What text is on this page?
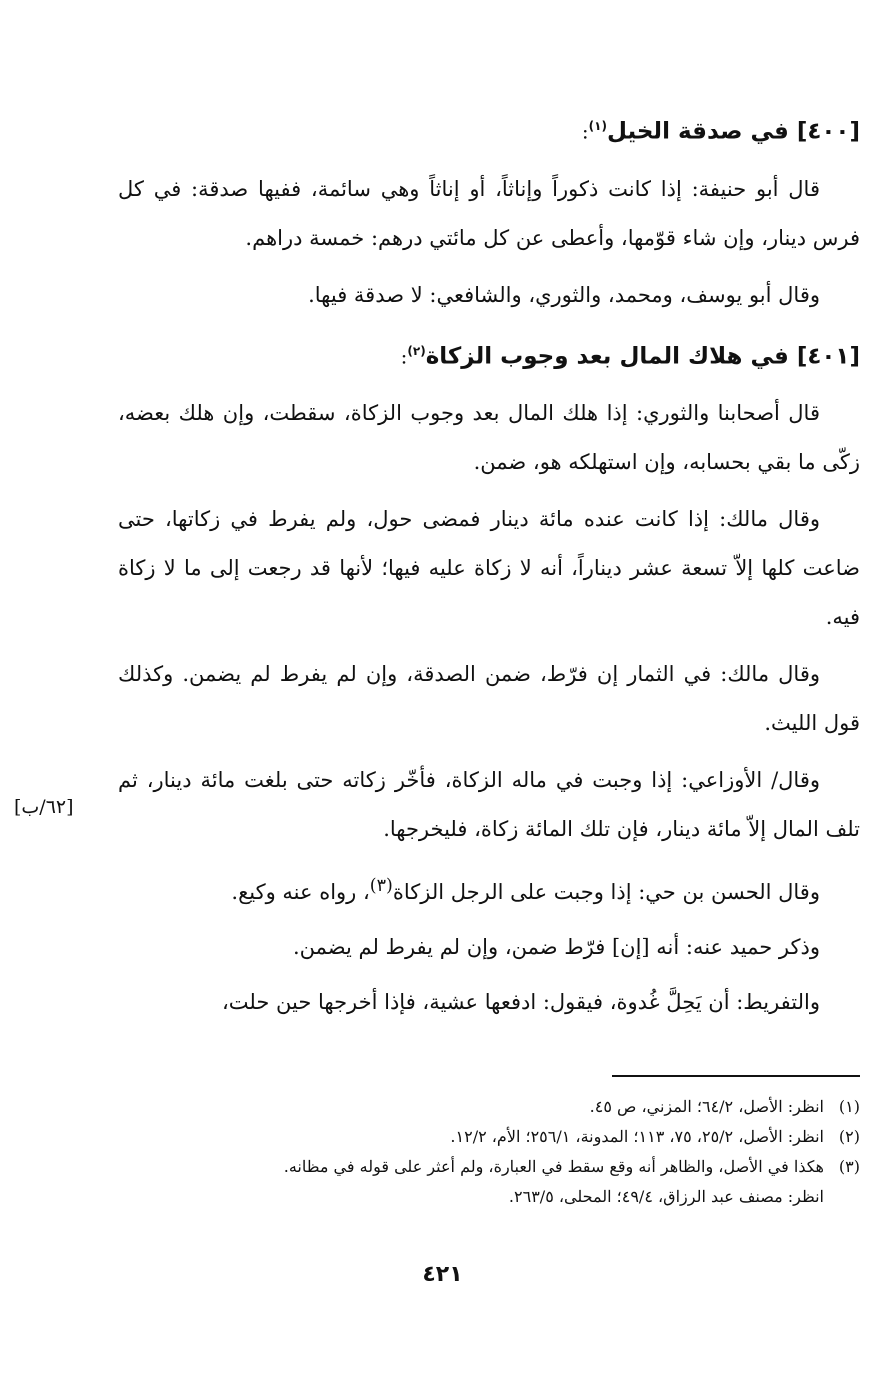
[٤٠٠] في صدقة الخيل$^{(١)}$:

قال أبو حنيفة: إذا كانت ذكوراً وإناثاً، أو إناثاً وهي سائمة، ففيها صدقة: في كل فرس دينار، وإن شاء قوّمها، وأعطى عن كل مائتي درهم: خمسة دراهم.

وقال أبو يوسف، ومحمد، والثوري، والشافعي: لا صدقة فيها.

[٤٠١] في هلاك المال بعد وجوب الزكاة$^{(٢)}$:

قال أصحابنا والثوري: إذا هلك المال بعد وجوب الزكاة، سقطت، وإن هلك بعضه، زكّى ما بقي بحسابه، وإن استهلكه هو، ضمن.

وقال مالك: إذا كانت عنده مائة دينار فمضى حول، ولم يفرط في زكاتها، حتى ضاعت كلها إلاّ تسعة عشر ديناراً، أنه لا زكاة عليه فيها؛ لأنها قد رجعت إلى ما لا زكاة فيه.

وقال مالك: في الثمار إن فرّط، ضمن الصدقة، وإن لم يفرط لم يضمن. وكذلك قول الليث.

وقال/ الأوزاعي: إذا وجبت في ماله الزكاة، فأخّر زكاته حتى بلغت مائة دينار، ثم تلف المال إلاّ مائة دينار، فإن تلك المائة زكاة، فليخرجها.

وقال الحسن بن حي: إذا وجبت على الرجل الزكاة$^{(٣)}$، رواه عنه وكيع.

وذكر حميد عنه: أنه [إن] فرّط ضمن، وإن لم يفرط لم يضمن.

والتفريط: أن يَحِلَّ غُدوة، فيقول: ادفعها عشية، فإذا أخرجها حين حلت،

[٦٢/ب]

(١)انظر: الأصل، ٦٤/٢؛ المزني، ص ٤٥.

(٢)انظر: الأصل، ٢٥/٢، ٧٥، ١١٣؛ المدونة، ٢٥٦/١؛ الأم، ١٢/٢.

(٣)هكذا في الأصل، والظاهر أنه وقع سقط في العبارة، ولم أعثر على قوله في مظانه.

انظر: مصنف عبد الرزاق، ٤٩/٤؛ المحلى، ٢٦٣/٥.

٤٢١
